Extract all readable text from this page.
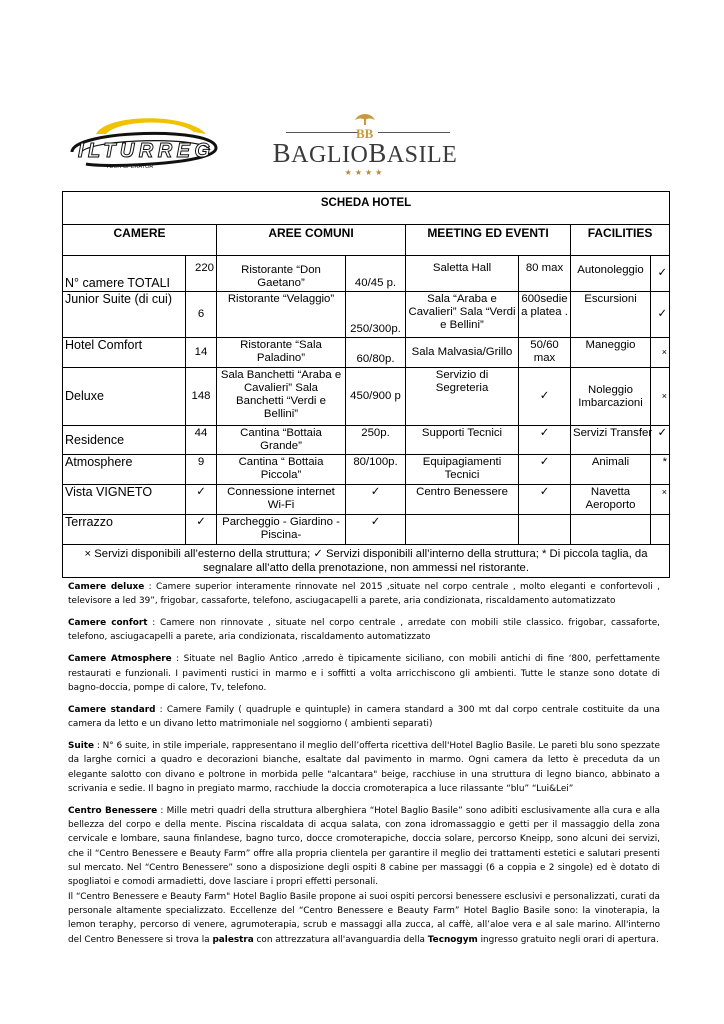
ILTURREG
TOUR OPERATOR
BB
BAGLIOBASILE
★★★★
SCHEDA HOTEL							
CAMERE		AREE COMUNI		MEETING ED EVENTI		FACILITIES	
N° camere TOTALI	220	Ristorante “Don Gaetano”	40/45 p.	Saletta Hall	80 max	Autonoleggio	✓
Junior Suite (di cui)	6	Ristorante “Velaggio”	250/300p.	Sala “Araba e Cavalieri” Sala “Verdi e Bellini”	600sedie a platea .	Escursioni	✓
Hotel Comfort	14	Ristorante “Sala Paladino”	60/80p.	Sala Malvasia/Grillo	50/60 max	Maneggio	×
Deluxe	148	Sala Banchetti “Araba e Cavalieri” Sala Banchetti “Verdi e Bellini”	450/900 p	Servizio di Segreteria	✓	Noleggio Imbarcazioni	×
Residence	44	Cantina “Bottaia Grande”	250p.	Supporti Tecnici	✓	Servizi Transfer	✓
Atmosphere	9	Cantina “ Bottaia Piccola”	80/100p.	Equipagiamenti Tecnici	✓	Animali	*
Vista VIGNETO	✓	Connessione internet Wi-Fi	✓	Centro Benessere	✓	Navetta Aeroporto	×
Terrazzo	✓	Parcheggio - Giardino - Piscina-	✓				
× Servizi disponibili all’esterno della struttura; ✓ Servizi disponibili all’interno della struttura; * Di piccola taglia, da segnalare all’atto della prenotazione, non ammessi nel ristorante.							

Camere deluxe : Camere superior interamente rinnovate nel 2015 ,situate nel corpo centrale , molto eleganti e confortevoli , televisore a led 39”, frigobar, cassaforte, telefono, asciugacapelli a parete, aria condizionata, riscaldamento automatizzato

Camere confort : Camere non rinnovate , situate nel corpo centrale , arredate con mobili stile classico. frigobar, cassaforte, telefono, asciugacapelli a parete, aria condizionata, riscaldamento automatizzato

Camere Atmosphere : Situate nel Baglio Antico ,arredo è tipicamente siciliano, con mobili antichi di fine ‘800, perfettamente restaurati e funzionali. I pavimenti rustici in marmo e i soffitti a volta arricchiscono gli ambienti. Tutte le stanze sono dotate di bagno-doccia, pompe di calore, Tv, telefono.

Camere standard : Camere Family ( quadruple e quintuple) in camera standard a 300 mt dal corpo centrale costituite da una camera da letto e un divano letto matrimoniale nel soggiorno ( ambienti separati)

Suite : N° 6 suite, in stile imperiale, rappresentano il meglio dell’offerta ricettiva dell'Hotel Baglio Basile. Le pareti blu sono spezzate da larghe cornici a quadro e decorazioni bianche, esaltate dal pavimento in marmo. Ogni camera da letto è preceduta da un elegante salotto con divano e poltrone in morbida pelle "alcantara" beige, racchiuse in una struttura di legno bianco, abbinato a scrivania e sedie. Il bagno in pregiato marmo, racchiude la doccia cromoterapica a luce rilassante “blu” “Lui&Lei”

Centro Benessere : Mille metri quadri della struttura alberghiera “Hotel Baglio Basile” sono adibiti esclusivamente alla cura e alla bellezza del corpo e della mente. Piscina riscaldata di acqua salata, con zona idromassaggio e getti per il massaggio della zona cervicale e lombare, sauna finlandese, bagno turco, docce cromoterapiche, doccia solare, percorso Kneipp, sono alcuni dei servizi, che il “Centro Benessere e Beauty Farm” offre alla propria clientela per garantire il meglio dei trattamenti estetici e salutari presenti sul mercato. Nel “Centro Benessere” sono a disposizione degli ospiti 8 cabine per massaggi (6 a coppia e 2 singole) ed è dotato di spogliatoi e comodi armadietti, dove lasciare i propri effetti personali.

Il “Centro Benessere e Beauty Farm" Hotel Baglio Basile propone ai suoi ospiti percorsi benessere esclusivi e personalizzati, curati da personale altamente specializzato. Eccellenze del “Centro Benessere e Beauty Farm” Hotel Baglio Basile sono: la vinoterapia, la lemon teraphy, percorso di venere, agrumoterapia, scrub e massaggi alla zucca, al caffè, all’aloe vera e al sale marino. All'interno del Centro Benessere si trova la palestra con attrezzatura all'avanguardia della Tecnogym ingresso gratuito negli orari di apertura.
